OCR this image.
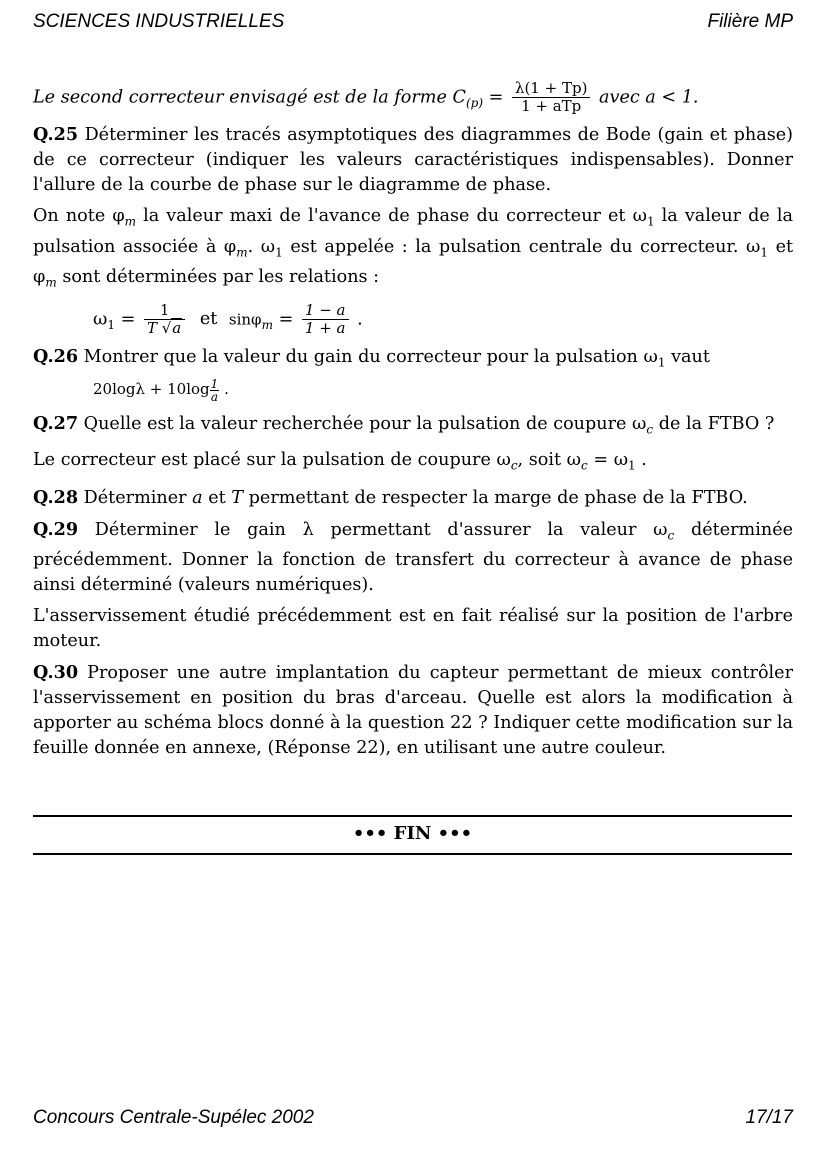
SCIENCES INDUSTRIELLES	Filière MP

Le second correcteur envisagé est de la forme $C_{(p)} = \frac{\lambda(1 + Tp)}{\text{1 + aTp}}$ avec a < 1.

Q.25 Déterminer les tracés asymptotiques des diagrammes de Bode (gain et phase) de ce correcteur (indiquer les valeurs caractéristiques indispensables). Donner l'allure de la courbe de phase sur le diagramme de phase.

On note $\varphi_m$ la valeur maxi de l'avance de phase du correcteur et $\omega_1$ la valeur de la pulsation associée à $\varphi_m$. $\omega_1$ est appelée : la pulsation centrale du correcteur. $\omega_1$ et $\varphi_m$ sont déterminées par les relations :

$\omega_1 = \frac{1}{T √a}$ et $\sin\varphi_m = \frac{1 - a}{1 + a}$ .

Q.26 Montrer que la valeur du gain du correcteur pour la pulsation $\omega_1$ vaut

$20\log\lambda + 10\log \frac{1}{a}$ .

Q.27 Quelle est la valeur recherchée pour la pulsation de coupure $\omega_c$ de la FTBO ?

Le correcteur est placé sur la pulsation de coupure $\omega_c$, soit $\omega_c = \omega_1$ .

Q.28 Déterminer a et T permettant de respecter la marge de phase de la FTBO.

Q.29 Déterminer le gain λ permettant d'assurer la valeur $\omega_c$ déterminée précédemment. Donner la fonction de transfert du correcteur à avance de phase ainsi déterminé (valeurs numériques).

L'asservissement étudié précédemment est en fait réalisé sur la position de l'arbre moteur.

Q.30 Proposer une autre implantation du capteur permettant de mieux contrôler l'asservissement en position du bras d'arceau. Quelle est alors la modification à apporter au schéma blocs donné à la question 22 ? Indiquer cette modification sur la feuille donnée en annexe, (Réponse 22), en utilisant une autre couleur.

••• FIN •••
Concours Centrale-Supélec 2002	17/17
